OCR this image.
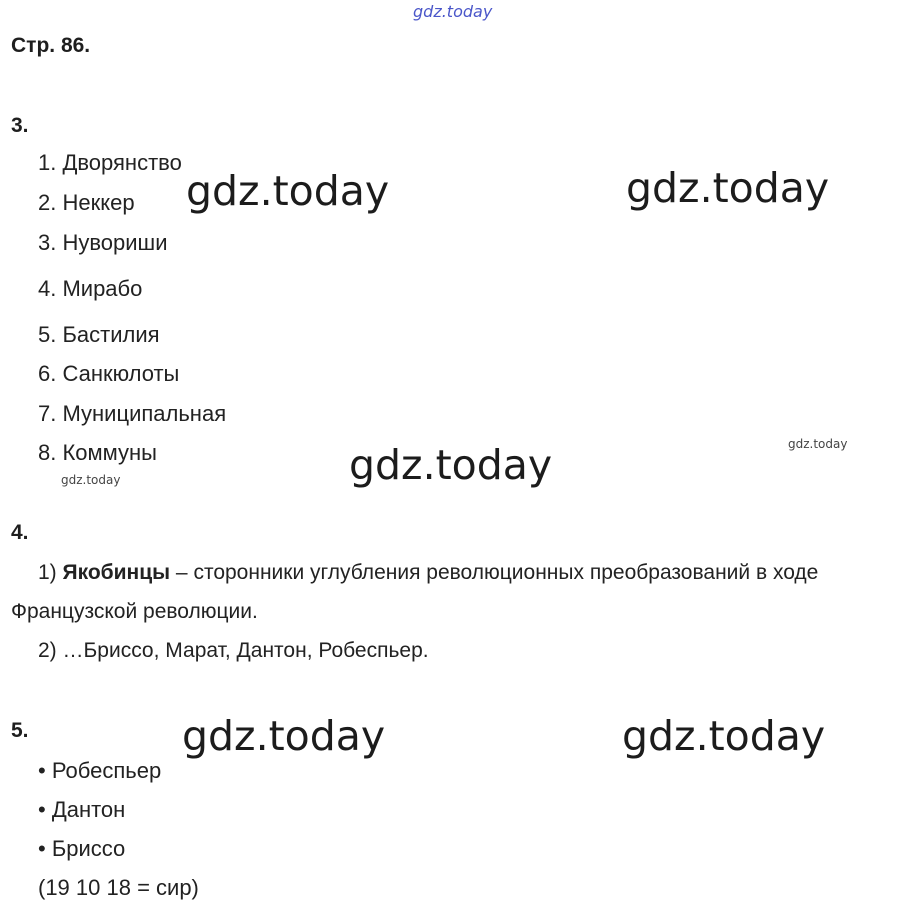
gdz.today
Стр. 86.
3.
1. Дворянство
2. Неккер
3. Нувориши
4. Мирабо
5. Бастилия
6. Санкюлоты
7. Муниципальная
8. Коммуны
gdz.today	gdz.today
gdz.today	gdz.today
gdz.today
4.
1) Якобинцы – сторонники углубления революционных преобразований в ходе
Французской революции.
2) …Бриссо, Марат, Дантон, Робеспьер.
5.	gdz.today	gdz.today
• Робеспьер
• Дантон
• Бриссо
(19 10 18 = сир)
